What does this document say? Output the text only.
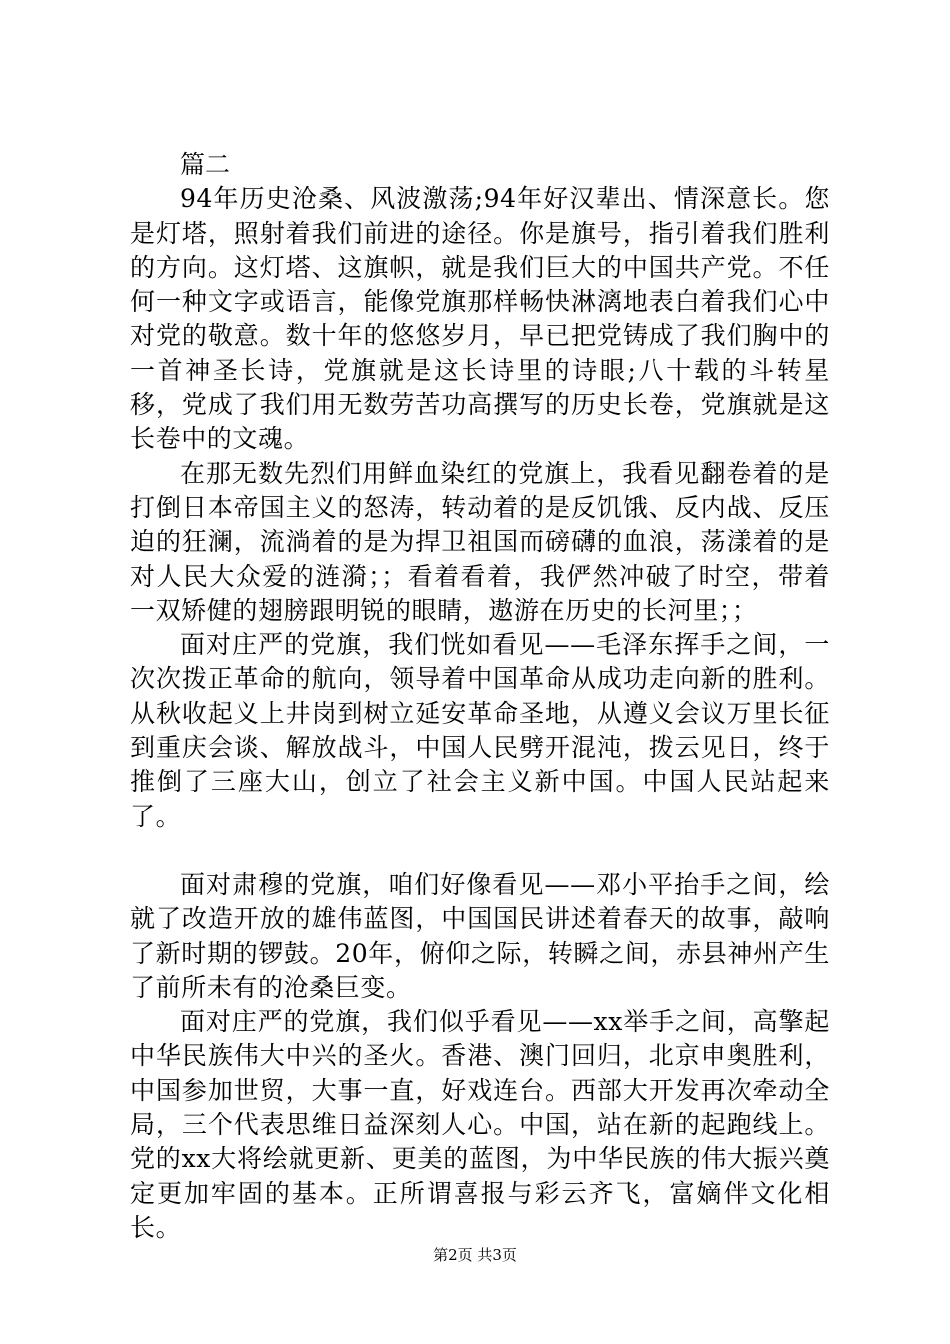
篇二

94年历史沧桑、风波激荡;94年好汉辈出、情深意长。您是灯塔，照射着我们前进的途径。你是旗号，指引着我们胜利的方向。这灯塔、这旗帜，就是我们巨大的中国共产党。不任何一种文字或语言，能像党旗那样畅快淋漓地表白着我们心中对党的敬意。数十年的悠悠岁月，早已把党铸成了我们胸中的一首神圣长诗，党旗就是这长诗里的诗眼;八十载的斗转星移，党成了我们用无数劳苦功高撰写的历史长卷，党旗就是这长卷中的文魂。

在那无数先烈们用鲜血染红的党旗上，我看见翻卷着的是打倒日本帝国主义的怒涛，转动着的是反饥饿、反内战、反压迫的狂澜，流淌着的是为捍卫祖国而磅礴的血浪，荡漾着的是对人民大众爱的涟漪；；看着看着，我俨然冲破了时空，带着一双矫健的翅膀跟明锐的眼睛，遨游在历史的长河里；；

面对庄严的党旗，我们恍如看见——毛泽东挥手之间，一次次拨正革命的航向，领导着中国革命从成功走向新的胜利。从秋收起义上井岗到树立延安革命圣地，从遵义会议万里长征到重庆会谈、解放战斗，中国人民劈开混沌，拨云见日，终于推倒了三座大山，创立了社会主义新中国。中国人民站起来了。

面对肃穆的党旗，咱们好像看见——邓小平抬手之间，绘就了改造开放的雄伟蓝图，中国国民讲述着春天的故事，敲响了新时期的锣鼓。20年，俯仰之际，转瞬之间，赤县神州产生了前所未有的沧桑巨变。

面对庄严的党旗，我们似乎看见——xx举手之间，高擎起中华民族伟大中兴的圣火。香港、澳门回归，北京申奥胜利，中国参加世贸，大事一直，好戏连台。西部大开发再次牵动全局，三个代表思维日益深刻人心。中国，站在新的起跑线上。党的xx大将绘就更新、更美的蓝图，为中华民族的伟大振兴奠定更加牢固的基本。正所谓喜报与彩云齐飞，富嫡伴文化相长。

第2页 共3页
